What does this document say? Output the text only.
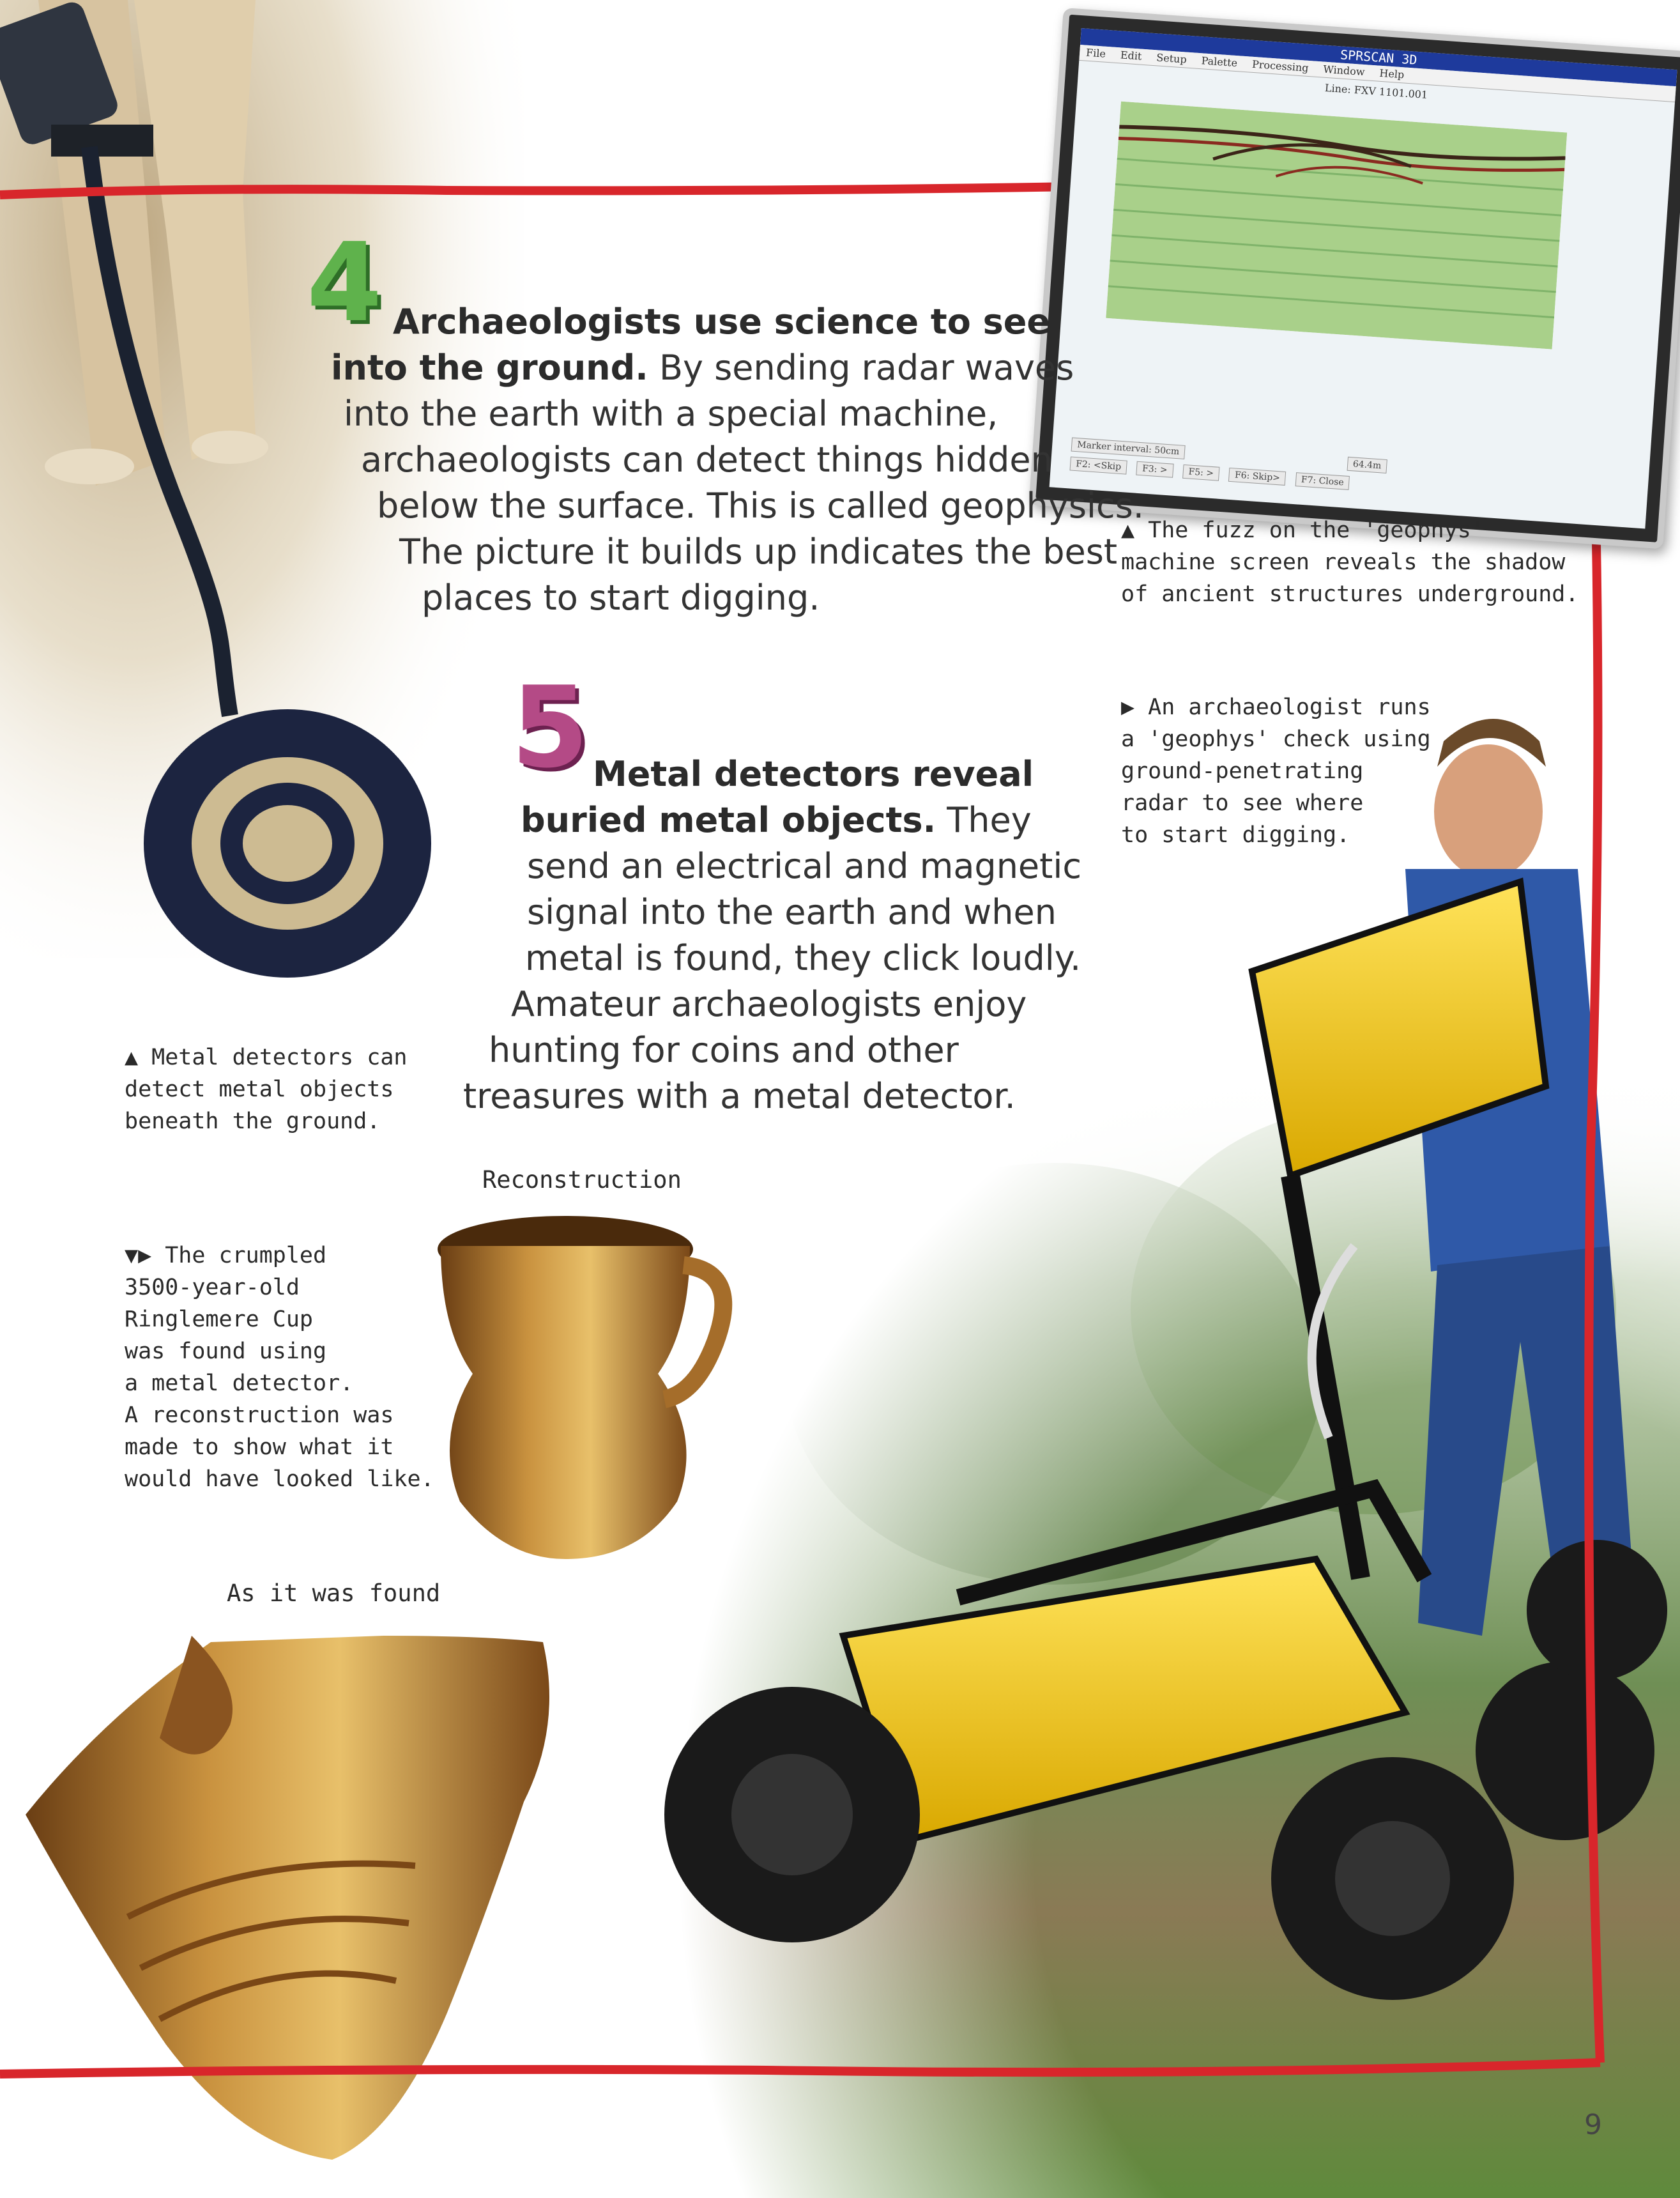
SPRSCAN 3D
File Edit Setup Palette Processing Window Help
Line: FXV 1101.001
Marker interval: 50cm 64.4m
F2: <Skip F3: > F5: > F6: Skip> F7: Close
4 Archaeologists use science to see
into the ground. By sending radar waves
into the earth with a special machine,
archaeologists can detect things hidden
below the surface. This is called geophysics.
The picture it builds up indicates the best
places to start digging.
5 Metal detectors reveal
buried metal objects. They
send an electrical and magnetic
signal into the earth and when
metal is found, they click loudly.
Amateur archaeologists enjoy
hunting for coins and other
treasures with a metal detector.
▲ The fuzz on the 'geophys'
machine screen reveals the shadow
of ancient structures underground.
▶ An archaeologist runs
a 'geophys' check using
ground-penetrating
radar to see where
to start digging.
▲ Metal detectors can
detect metal objects
beneath the ground.
▼▶ The crumpled
3500-year-old
Ringlemere Cup
was found using
a metal detector.
A reconstruction was
made to show what it
would have looked like.
Reconstruction
As it was found
9
